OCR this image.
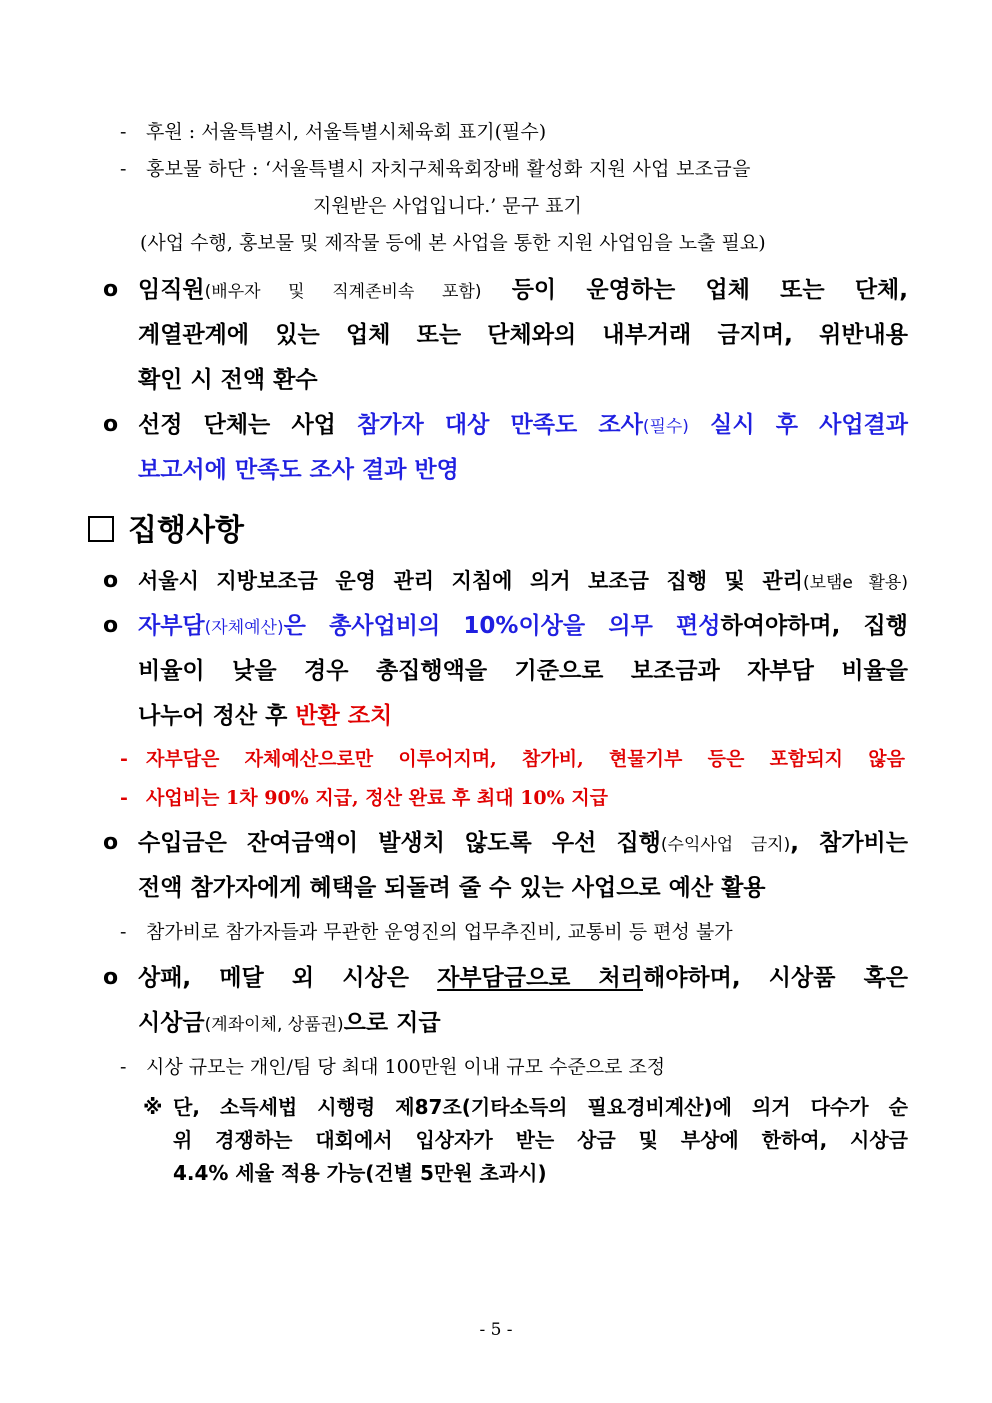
- 후원 : 서울특별시, 서울특별시체육회 표기(필수)
- 홍보물 하단 : ‘서울특별시 자치구체육회장배 활성화 지원 사업 보조금을
지원받은 사업입니다.’ 문구 표기
(사업 수행, 홍보물 및 제작물 등에 본 사업을 통한 지원 사업임을 노출 필요)
o 임직원(배우자 및 직계존비속 포함) 등이 운영하는 업체 또는 단체,
계열관계에 있는 업체 또는 단체와의 내부거래 금지며, 위반내용
확인 시 전액 환수
o 선정 단체는 사업 참가자 대상 만족도 조사(필수) 실시 후 사업결과
보고서에 만족도 조사 결과 반영
집행사항
o 서울시 지방보조금 운영 관리 지침에 의거 보조금 집행 및 관리(보탬e 활용)
o 자부담(자체예산)은 총사업비의 10%이상을 의무 편성하여야하며, 집행
비율이 낮을 경우 총집행액을 기준으로 보조금과 자부담 비율을
나누어 정산 후 반환 조치
- 자부담은 자체예산으로만 이루어지며, 참가비, 현물기부 등은 포함되지 않음
- 사업비는 1차 90% 지급, 정산 완료 후 최대 10% 지급
o 수입금은 잔여금액이 발생치 않도록 우선 집행(수익사업 금지), 참가비는
전액 참가자에게 혜택을 되돌려 줄 수 있는 사업으로 예산 활용
- 참가비로 참가자들과 무관한 운영진의 업무추진비, 교통비 등 편성 불가
o 상패, 메달 외 시상은 자부담금으로 처리해야하며, 시상품 혹은
시상금(계좌이체, 상품권)으로 지급
- 시상 규모는 개인/팀 당 최대 100만원 이내 규모 수준으로 조정
※ 단, 소득세법 시행령 제87조(기타소득의 필요경비계산)에 의거 다수가 순
위 경쟁하는 대회에서 입상자가 받는 상금 및 부상에 한하여, 시상금
4.4% 세율 적용 가능(건별 5만원 초과시)
- 5 -
